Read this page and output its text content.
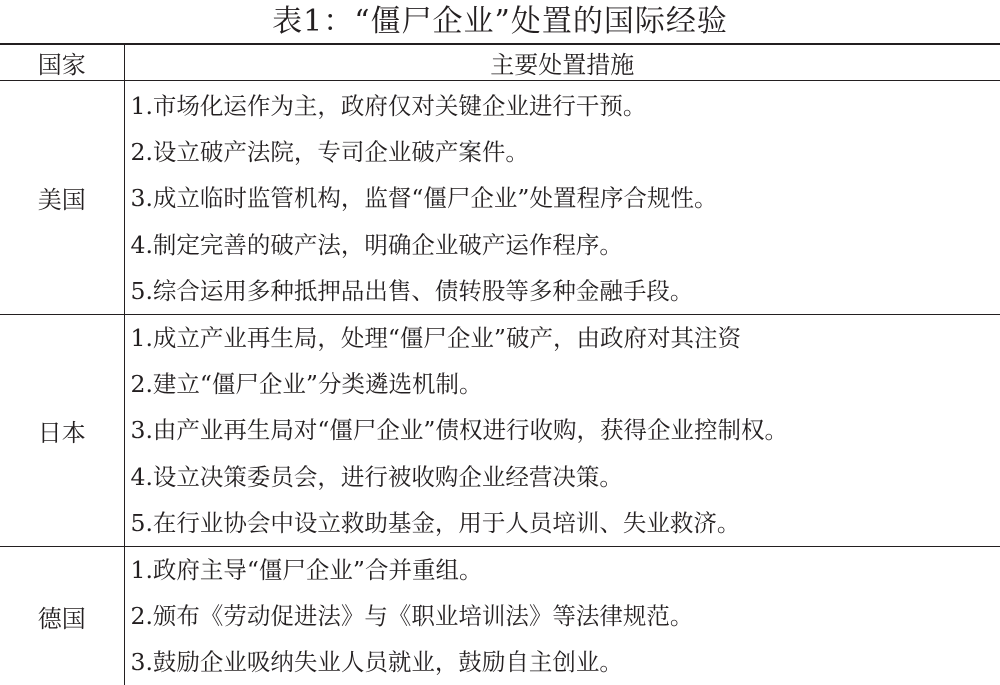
表1：“僵尸企业”处置的国际经验
国家	主要处置措施
美国	1.市场化运作为主，政府仅对关键企业进行干预。
2.设立破产法院，专司企业破产案件。
3.成立临时监管机构，监督“僵尸企业”处置程序合规性。
4.制定完善的破产法，明确企业破产运作程序。
5.综合运用多种抵押品出售、债转股等多种金融手段。

日本	1.成立产业再生局，处理“僵尸企业”破产，由政府对其注资
2.建立“僵尸企业”分类遴选机制。
3.由产业再生局对“僵尸企业”债权进行收购，获得企业控制权。
4.设立决策委员会，进行被收购企业经营决策。
5.在行业协会中设立救助基金，用于人员培训、失业救济。

德国	1.政府主导“僵尸企业”合并重组。
2.颁布《劳动促进法》与《职业培训法》等法律规范。
3.鼓励企业吸纳失业人员就业，鼓励自主创业。
